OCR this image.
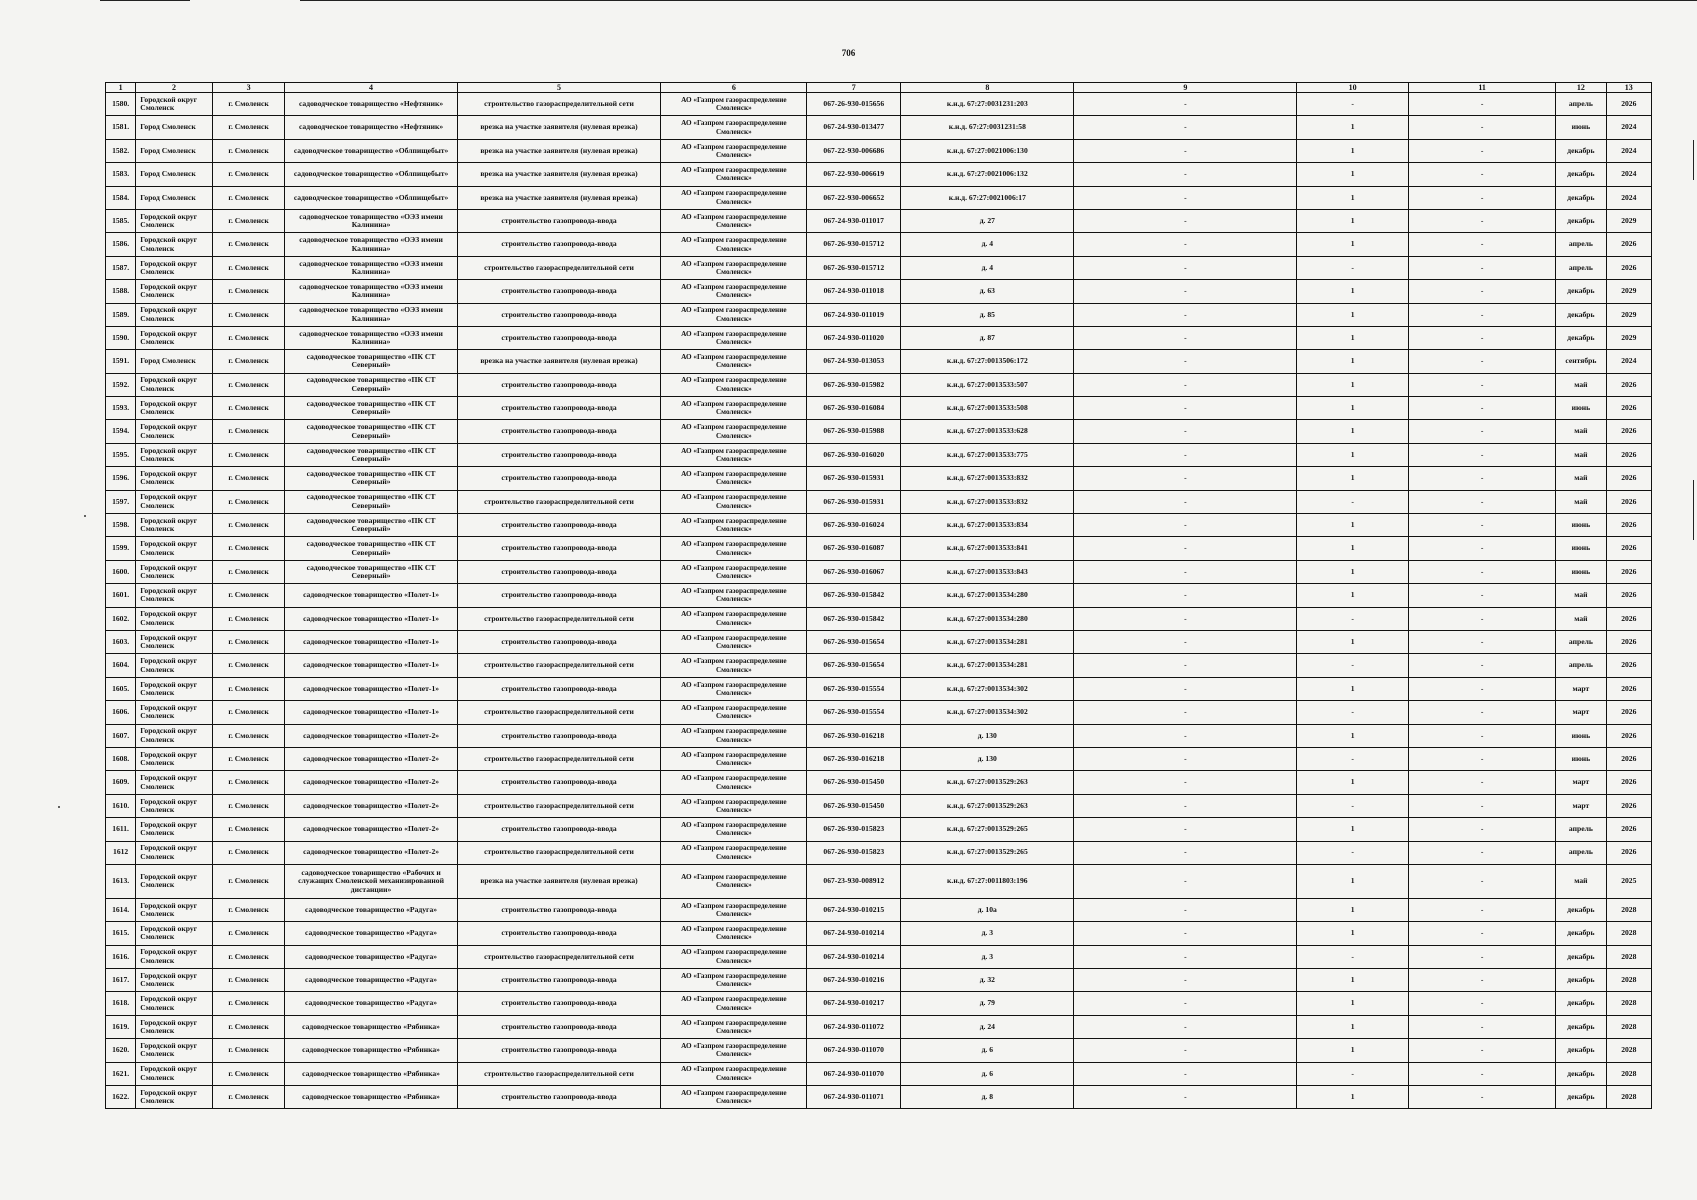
706
1	2	3	4	5	6	7	8	9	10	11	12	13
1580.	Городской округ Смоленск	г. Смоленск	садоводческое товарищество «Нефтяник»	строительство газораспределительной сети	АО «Газпром газораспределение Смоленск»	067-26-930-015656	к.н.д. 67:27:0031231:203	-	-	-	апрель	2026
1581.	Город Смоленск	г. Смоленск	садоводческое товарищество «Нефтяник»	врезка на участке заявителя (нулевая врезка)	АО «Газпром газораспределение Смоленск»	067-24-930-013477	к.н.д. 67:27:0031231:58	-	1	-	июнь	2024
1582.	Город Смоленск	г. Смоленск	садоводческое товарищество «Облпищебыт»	врезка на участке заявителя (нулевая врезка)	АО «Газпром газораспределение Смоленск»	067-22-930-006686	к.н.д. 67:27:0021006:130	-	1	-	декабрь	2024
1583.	Город Смоленск	г. Смоленск	садоводческое товарищество «Облпищебыт»	врезка на участке заявителя (нулевая врезка)	АО «Газпром газораспределение Смоленск»	067-22-930-006619	к.н.д. 67:27:0021006:132	-	1	-	декабрь	2024
1584.	Город Смоленск	г. Смоленск	садоводческое товарищество «Облпищебыт»	врезка на участке заявителя (нулевая врезка)	АО «Газпром газораспределение Смоленск»	067-22-930-006652	к.н.д. 67:27:0021006:17	-	1	-	декабрь	2024
1585.	Городской округ Смоленск	г. Смоленск	садоводческое товарищество «ОЭЗ имени Калинина»	строительство газопровода-ввода	АО «Газпром газораспределение Смоленск»	067-24-930-011017	д. 27	-	1	-	декабрь	2029
1586.	Городской округ Смоленск	г. Смоленск	садоводческое товарищество «ОЭЗ имени Калинина»	строительство газопровода-ввода	АО «Газпром газораспределение Смоленск»	067-26-930-015712	д. 4	-	1	-	апрель	2026
1587.	Городской округ Смоленск	г. Смоленск	садоводческое товарищество «ОЭЗ имени Калинина»	строительство газораспределительной сети	АО «Газпром газораспределение Смоленск»	067-26-930-015712	д. 4	-	-	-	апрель	2026
1588.	Городской округ Смоленск	г. Смоленск	садоводческое товарищество «ОЭЗ имени Калинина»	строительство газопровода-ввода	АО «Газпром газораспределение Смоленск»	067-24-930-011018	д. 63	-	1	-	декабрь	2029
1589.	Городской округ Смоленск	г. Смоленск	садоводческое товарищество «ОЭЗ имени Калинина»	строительство газопровода-ввода	АО «Газпром газораспределение Смоленск»	067-24-930-011019	д. 85	-	1	-	декабрь	2029
1590.	Городской округ Смоленск	г. Смоленск	садоводческое товарищество «ОЭЗ имени Калинина»	строительство газопровода-ввода	АО «Газпром газораспределение Смоленск»	067-24-930-011020	д. 87	-	1	-	декабрь	2029
1591.	Город Смоленск	г. Смоленск	садоводческое товарищество «ПК СТ Северный»	врезка на участке заявителя (нулевая врезка)	АО «Газпром газораспределение Смоленск»	067-24-930-013053	к.н.д. 67:27:0013506:172	-	1	-	сентябрь	2024
1592.	Городской округ Смоленск	г. Смоленск	садоводческое товарищество «ПК СТ Северный»	строительство газопровода-ввода	АО «Газпром газораспределение Смоленск»	067-26-930-015982	к.н.д. 67:27:0013533:507	-	1	-	май	2026
1593.	Городской округ Смоленск	г. Смоленск	садоводческое товарищество «ПК СТ Северный»	строительство газопровода-ввода	АО «Газпром газораспределение Смоленск»	067-26-930-016084	к.н.д. 67:27:0013533:508	-	1	-	июнь	2026
1594.	Городской округ Смоленск	г. Смоленск	садоводческое товарищество «ПК СТ Северный»	строительство газопровода-ввода	АО «Газпром газораспределение Смоленск»	067-26-930-015988	к.н.д. 67:27:0013533:628	-	1	-	май	2026
1595.	Городской округ Смоленск	г. Смоленск	садоводческое товарищество «ПК СТ Северный»	строительство газопровода-ввода	АО «Газпром газораспределение Смоленск»	067-26-930-016020	к.н.д. 67:27:0013533:775	-	1	-	май	2026
1596.	Городской округ Смоленск	г. Смоленск	садоводческое товарищество «ПК СТ Северный»	строительство газопровода-ввода	АО «Газпром газораспределение Смоленск»	067-26-930-015931	к.н.д. 67:27:0013533:832	-	1	-	май	2026
1597.	Городской округ Смоленск	г. Смоленск	садоводческое товарищество «ПК СТ Северный»	строительство газораспределительной сети	АО «Газпром газораспределение Смоленск»	067-26-930-015931	к.н.д. 67:27:0013533:832	-	-	-	май	2026
1598.	Городской округ Смоленск	г. Смоленск	садоводческое товарищество «ПК СТ Северный»	строительство газопровода-ввода	АО «Газпром газораспределение Смоленск»	067-26-930-016024	к.н.д. 67:27:0013533:834	-	1	-	июнь	2026
1599.	Городской округ Смоленск	г. Смоленск	садоводческое товарищество «ПК СТ Северный»	строительство газопровода-ввода	АО «Газпром газораспределение Смоленск»	067-26-930-016087	к.н.д. 67:27:0013533:841	-	1	-	июнь	2026
1600.	Городской округ Смоленск	г. Смоленск	садоводческое товарищество «ПК СТ Северный»	строительство газопровода-ввода	АО «Газпром газораспределение Смоленск»	067-26-930-016067	к.н.д. 67:27:0013533:843	-	1	-	июнь	2026
1601.	Городской округ Смоленск	г. Смоленск	садоводческое товарищество «Полет-1»	строительство газопровода-ввода	АО «Газпром газораспределение Смоленск»	067-26-930-015842	к.н.д. 67:27:0013534:280	-	1	-	май	2026
1602.	Городской округ Смоленск	г. Смоленск	садоводческое товарищество «Полет-1»	строительство газораспределительной сети	АО «Газпром газораспределение Смоленск»	067-26-930-015842	к.н.д. 67:27:0013534:280	-	-	-	май	2026
1603.	Городской округ Смоленск	г. Смоленск	садоводческое товарищество «Полет-1»	строительство газопровода-ввода	АО «Газпром газораспределение Смоленск»	067-26-930-015654	к.н.д. 67:27:0013534:281	-	1	-	апрель	2026
1604.	Городской округ Смоленск	г. Смоленск	садоводческое товарищество «Полет-1»	строительство газораспределительной сети	АО «Газпром газораспределение Смоленск»	067-26-930-015654	к.н.д. 67:27:0013534:281	-	-	-	апрель	2026
1605.	Городской округ Смоленск	г. Смоленск	садоводческое товарищество «Полет-1»	строительство газопровода-ввода	АО «Газпром газораспределение Смоленск»	067-26-930-015554	к.н.д. 67:27:0013534:302	-	1	-	март	2026
1606.	Городской округ Смоленск	г. Смоленск	садоводческое товарищество «Полет-1»	строительство газораспределительной сети	АО «Газпром газораспределение Смоленск»	067-26-930-015554	к.н.д. 67:27:0013534:302	-	-	-	март	2026
1607.	Городской округ Смоленск	г. Смоленск	садоводческое товарищество «Полет-2»	строительство газопровода-ввода	АО «Газпром газораспределение Смоленск»	067-26-930-016218	д. 130	-	1	-	июнь	2026
1608.	Городской округ Смоленск	г. Смоленск	садоводческое товарищество «Полет-2»	строительство газораспределительной сети	АО «Газпром газораспределение Смоленск»	067-26-930-016218	д. 130	-	-	-	июнь	2026
1609.	Городской округ Смоленск	г. Смоленск	садоводческое товарищество «Полет-2»	строительство газопровода-ввода	АО «Газпром газораспределение Смоленск»	067-26-930-015450	к.н.д. 67:27:0013529:263	-	1	-	март	2026
1610.	Городской округ Смоленск	г. Смоленск	садоводческое товарищество «Полет-2»	строительство газораспределительной сети	АО «Газпром газораспределение Смоленск»	067-26-930-015450	к.н.д. 67:27:0013529:263	-	-	-	март	2026
1611.	Городской округ Смоленск	г. Смоленск	садоводческое товарищество «Полет-2»	строительство газопровода-ввода	АО «Газпром газораспределение Смоленск»	067-26-930-015823	к.н.д. 67:27:0013529:265	-	1	-	апрель	2026
1612	Городской округ Смоленск	г. Смоленск	садоводческое товарищество «Полет-2»	строительство газораспределительной сети	АО «Газпром газораспределение Смоленск»	067-26-930-015823	к.н.д. 67:27:0013529:265	-	-	-	апрель	2026
1613.	Городской округ Смоленск	г. Смоленск	садоводческое товарищество «Рабочих и служащих Смоленской механизированной дистанции»	врезка на участке заявителя (нулевая врезка)	АО «Газпром газораспределение Смоленск»	067-23-930-008912	к.н.д. 67:27:0011803:196	-	1	-	май	2025
1614.	Городской округ Смоленск	г. Смоленск	садоводческое товарищество «Радуга»	строительство газопровода-ввода	АО «Газпром газораспределение Смоленск»	067-24-930-010215	д. 10а	-	1	-	декабрь	2028
1615.	Городской округ Смоленск	г. Смоленск	садоводческое товарищество «Радуга»	строительство газопровода-ввода	АО «Газпром газораспределение Смоленск»	067-24-930-010214	д. 3	-	1	-	декабрь	2028
1616.	Городской округ Смоленск	г. Смоленск	садоводческое товарищество «Радуга»	строительство газораспределительной сети	АО «Газпром газораспределение Смоленск»	067-24-930-010214	д. 3	-	-	-	декабрь	2028
1617.	Городской округ Смоленск	г. Смоленск	садоводческое товарищество «Радуга»	строительство газопровода-ввода	АО «Газпром газораспределение Смоленск»	067-24-930-010216	д. 32	-	1	-	декабрь	2028
1618.	Городской округ Смоленск	г. Смоленск	садоводческое товарищество «Радуга»	строительство газопровода-ввода	АО «Газпром газораспределение Смоленск»	067-24-930-010217	д. 79	-	1	-	декабрь	2028
1619.	Городской округ Смоленск	г. Смоленск	садоводческое товарищество «Рябинка»	строительство газопровода-ввода	АО «Газпром газораспределение Смоленск»	067-24-930-011072	д. 24	-	1	-	декабрь	2028
1620.	Городской округ Смоленск	г. Смоленск	садоводческое товарищество «Рябинка»	строительство газопровода-ввода	АО «Газпром газораспределение Смоленск»	067-24-930-011070	д. 6	-	1	-	декабрь	2028
1621.	Городской округ Смоленск	г. Смоленск	садоводческое товарищество «Рябинка»	строительство газораспределительной сети	АО «Газпром газораспределение Смоленск»	067-24-930-011070	д. 6	-	-	-	декабрь	2028
1622.	Городской округ Смоленск	г. Смоленск	садоводческое товарищество «Рябинка»	строительство газопровода-ввода	АО «Газпром газораспределение Смоленск»	067-24-930-011071	д. 8	-	1	-	декабрь	2028
